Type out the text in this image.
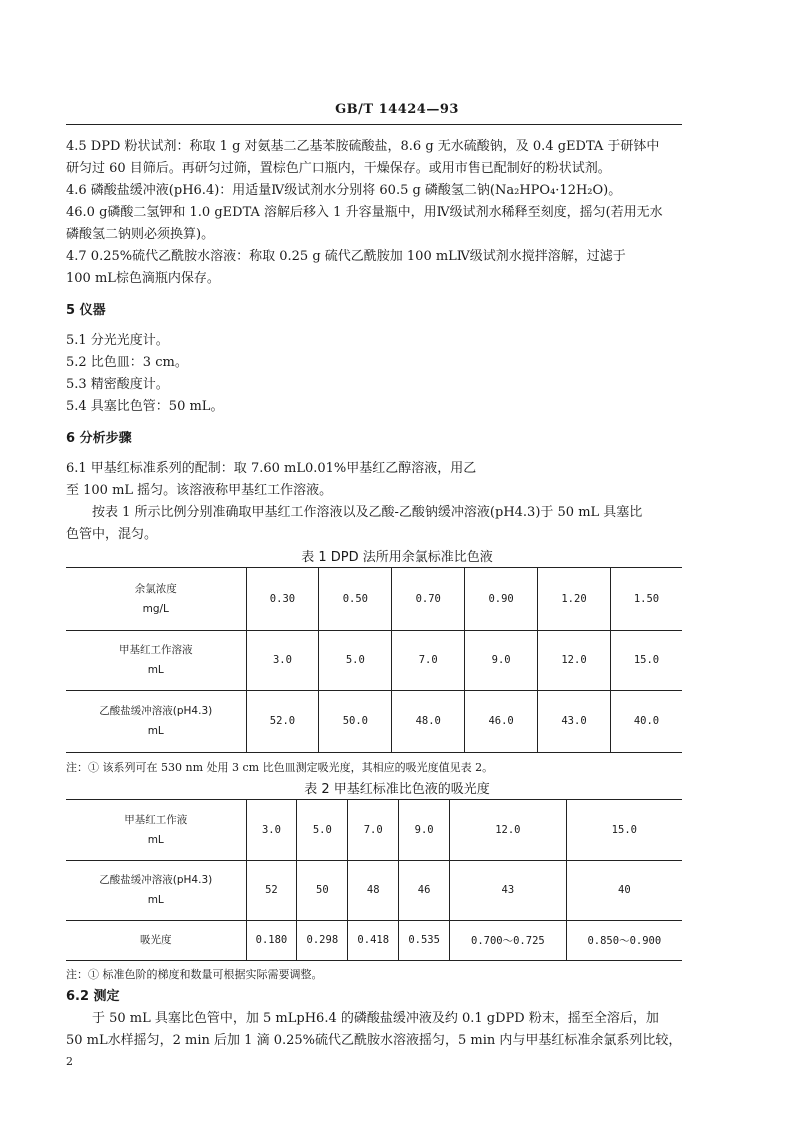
GB/T 14424—93
4.5 DPD 粉状试剂：称取 1 g 对氨基二乙基苯胺硫酸盐，8.6 g 无水硫酸钠，及 0.4 gEDTA 于研钵中
研匀过 60 目筛后。再研匀过筛，置棕色广口瓶内，干燥保存。或用市售已配制好的粉状试剂。
4.6 磷酸盐缓冲液(pH6.4)：用适量Ⅳ级试剂水分别将 60.5 g 磷酸氢二钠(Na₂HPO₄·12H₂O)。
46.0 g磷酸二氢钾和 1.0 gEDTA 溶解后移入 1 升容量瓶中，用Ⅳ级试剂水稀释至刻度，摇匀(若用无水
磷酸氢二钠则必须换算)。
4.7 0.25%硫代乙酰胺水溶液：称取 0.25 g 硫代乙酰胺加 100 mLⅣ级试剂水搅拌溶解，过滤于
100 mL棕色滴瓶内保存。
5 仪器
5.1 分光光度计。
5.2 比色皿：3 cm。
5.3 精密酸度计。
5.4 具塞比色管：50 mL。
6 分析步骤
6.1 甲基红标准系列的配制：取 7.60 mL0.01%甲基红乙醇溶液，用乙
至 100 mL 摇匀。该溶液称甲基红工作溶液。
按表 1 所示比例分别准确取甲基红工作溶液以及乙酸-乙酸钠缓冲溶液(pH4.3)于 50 mL 具塞比
色管中，混匀。
表 1 DPD 法所用余氯标准比色液
余氯浓度
mg/L	0.30	0.50	0.70	0.90	1.20	1.50
甲基红工作溶液
mL	3.0	5.0	7.0	9.0	12.0	15.0
乙酸盐缓冲溶液(pH4.3)
mL	52.0	50.0	48.0	46.0	43.0	40.0
注：① 该系列可在 530 nm 处用 3 cm 比色皿测定吸光度，其相应的吸光度值见表 2。
表 2 甲基红标准比色液的吸光度
甲基红工作液
mL	3.0	5.0	7.0	9.0	12.0	15.0
乙酸盐缓冲溶液(pH4.3)
mL	52	50	48	46	43	40
吸光度	0.180	0.298	0.418	0.535	0.700～0.725	0.850～0.900
注：① 标准色阶的梯度和数量可根据实际需要调整。
6.2 测定
于 50 mL 具塞比色管中，加 5 mLpH6.4 的磷酸盐缓冲液及约 0.1 gDPD 粉末，摇至全溶后，加
50 mL水样摇匀，2 min 后加 1 滴 0.25%硫代乙酰胺水溶液摇匀，5 min 内与甲基红标准余氯系列比较，
2
